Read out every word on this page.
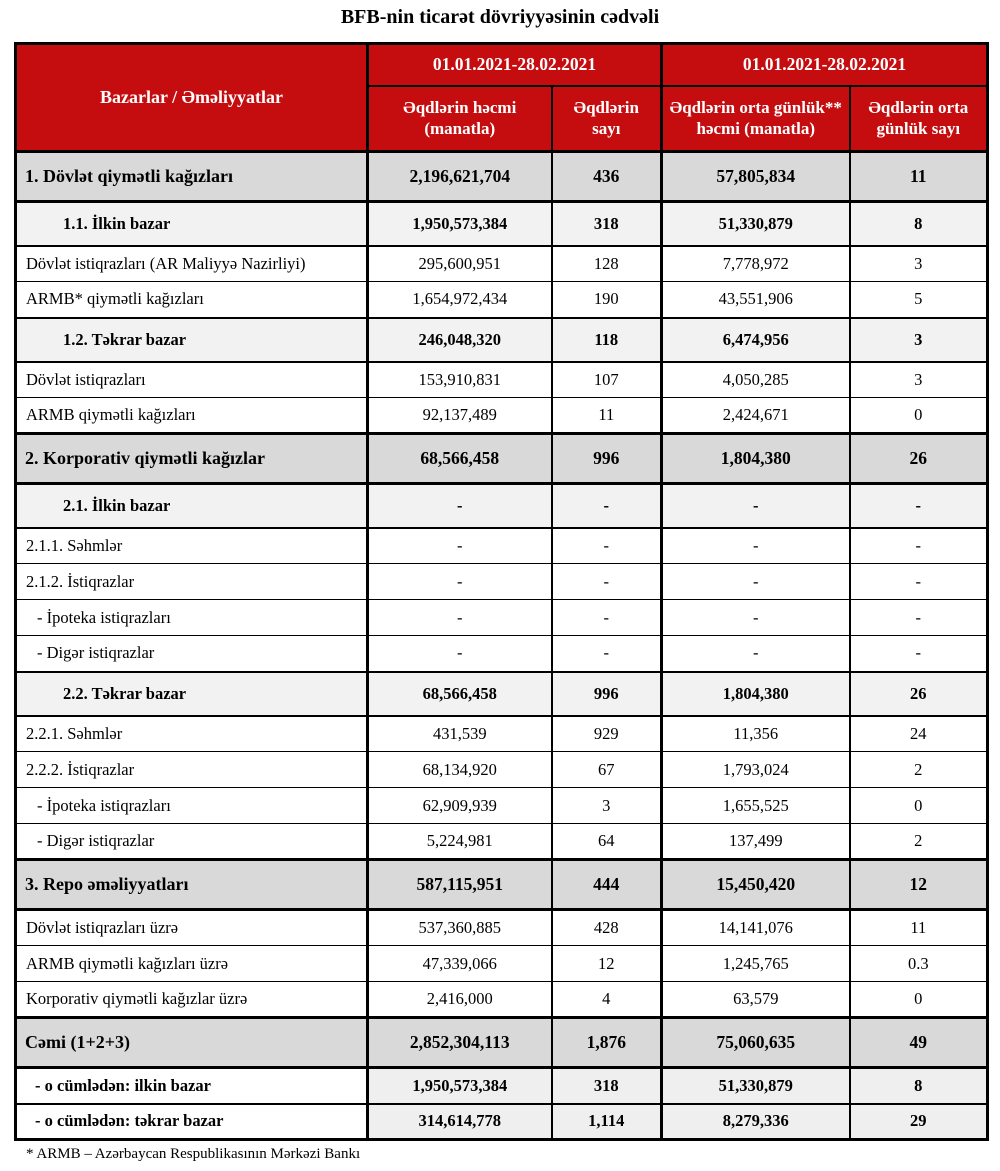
BFB-nin ticarət dövriyyəsinin cədvəli
Bazarlar / Əməliyyatlar	01.01.2021-28.02.2021		01.01.2021-28.02.2021	
	Əqdlərin həcmi (manatla)	Əqdlərin sayı	Əqdlərin orta günlük** həcmi (manatla)	Əqdlərin orta günlük sayı
1. Dövlət qiymətli kağızları	2,196,621,704	436	57,805,834	11
1.1. İlkin bazar	1,950,573,384	318	51,330,879	8
Dövlət istiqrazları (AR Maliyyə Nazirliyi)	295,600,951	128	7,778,972	3
ARMB* qiymətli kağızları	1,654,972,434	190	43,551,906	5
1.2. Təkrar bazar	246,048,320	118	6,474,956	3
Dövlət istiqrazları	153,910,831	107	4,050,285	3
ARMB qiymətli kağızları	92,137,489	11	2,424,671	0
2. Korporativ qiymətli kağızlar	68,566,458	996	1,804,380	26
2.1. İlkin bazar	-	-	-	-
2.1.1. Səhmlər	-	-	-	-
2.1.2. İstiqrazlar	-	-	-	-
- İpoteka istiqrazları	-	-	-	-
- Digər istiqrazlar	-	-	-	-
2.2. Təkrar bazar	68,566,458	996	1,804,380	26
2.2.1. Səhmlər	431,539	929	11,356	24
2.2.2. İstiqrazlar	68,134,920	67	1,793,024	2
- İpoteka istiqrazları	62,909,939	3	1,655,525	0
- Digər istiqrazlar	5,224,981	64	137,499	2
3. Repo əməliyyatları	587,115,951	444	15,450,420	12
Dövlət istiqrazları üzrə	537,360,885	428	14,141,076	11
ARMB qiymətli kağızları üzrə	47,339,066	12	1,245,765	0.3
Korporativ qiymətli kağızlar üzrə	2,416,000	4	63,579	0
Cəmi (1+2+3)	2,852,304,113	1,876	75,060,635	49
- o cümlədən: ilkin bazar	1,950,573,384	318	51,330,879	8
- o cümlədən: təkrar bazar	314,614,778	1,114	8,279,336	29
* ARMB – Azərbaycan Respublikasının Mərkəzi Bankı
